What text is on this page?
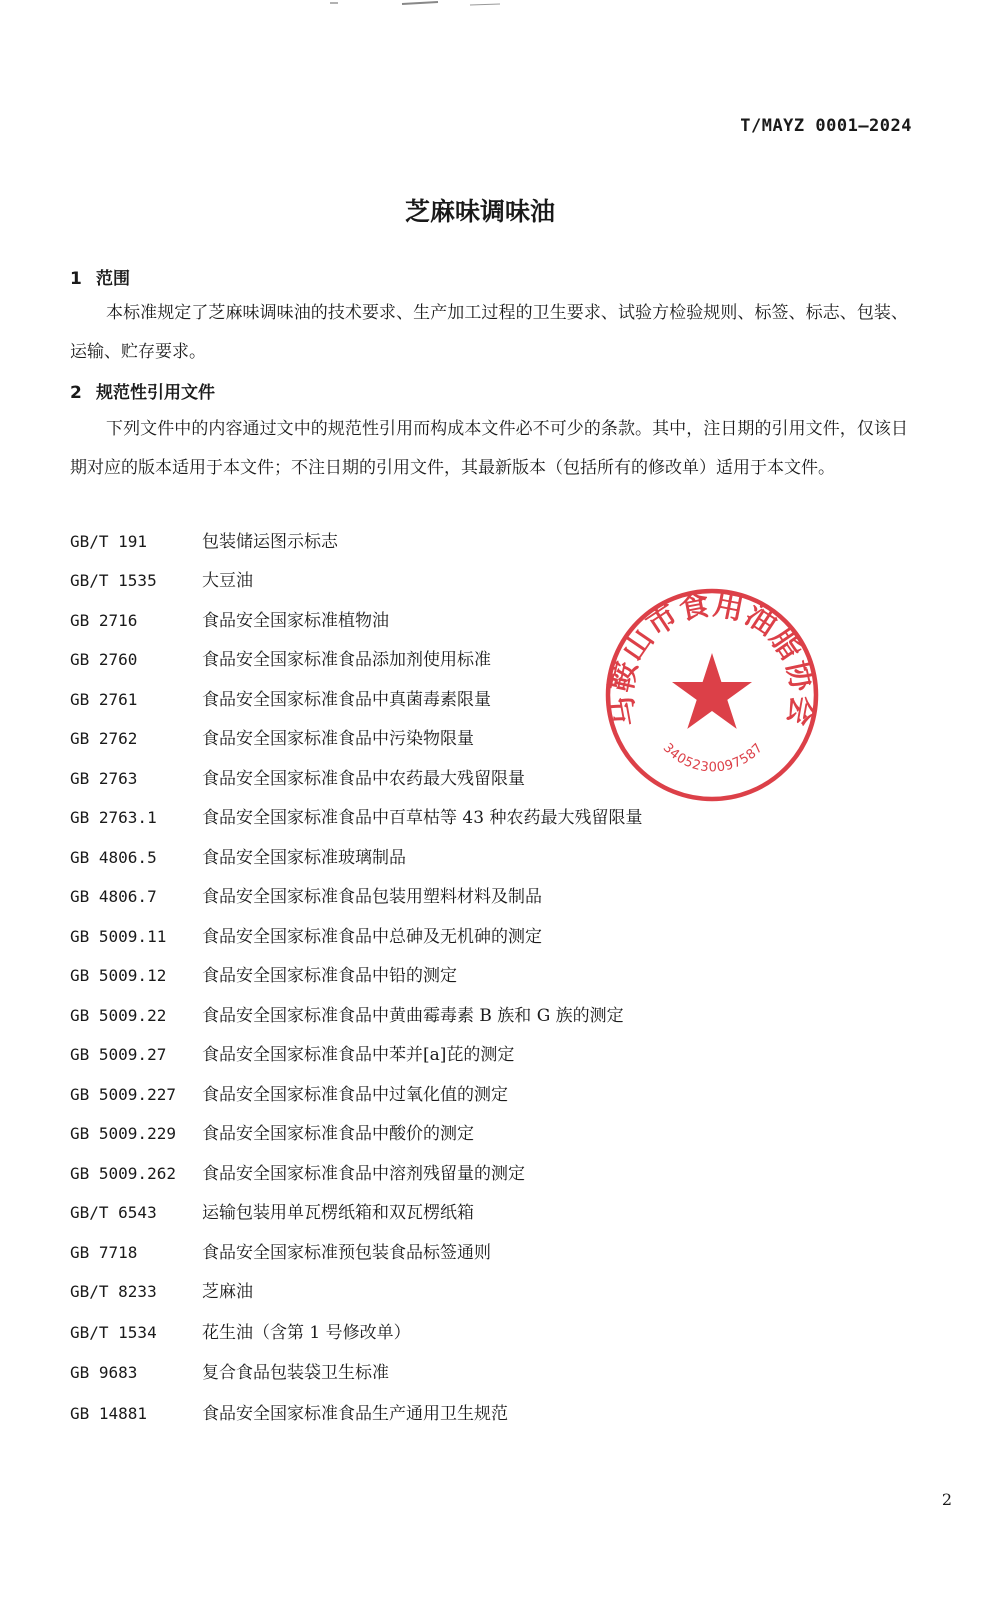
T/MAYZ 0001—2024
芝麻味调味油
1 范围
本标准规定了芝麻味调味油的技术要求、生产加工过程的卫生要求、试验方检验规则、标签、标志、包装、运输、贮存要求。
2 规范性引用文件
下列文件中的内容通过文中的规范性引用而构成本文件必不可少的条款。其中，注日期的引用文件，仅该日期对应的版本适用于本文件；不注日期的引用文件，其最新版本（包括所有的修改单）适用于本文件。
GB/T 191	包装储运图示标志
GB/T 1535	大豆油
GB 2716	食品安全国家标准植物油
GB 2760	食品安全国家标准食品添加剂使用标准
GB 2761	食品安全国家标准食品中真菌毒素限量
GB 2762	食品安全国家标准食品中污染物限量
GB 2763	食品安全国家标准食品中农药最大残留限量
GB 2763.1	食品安全国家标准食品中百草枯等 43 种农药最大残留限量
GB 4806.5	食品安全国家标准玻璃制品
GB 4806.7	食品安全国家标准食品包装用塑料材料及制品
GB 5009.11 食品安全国家标准食品中总砷及无机砷的测定
GB 5009.12 食品安全国家标准食品中铅的测定
GB 5009.22 食品安全国家标准食品中黄曲霉毒素 B 族和 G 族的测定
GB 5009.27 食品安全国家标准食品中苯并[a]芘的测定
GB 5009.227 食品安全国家标准食品中过氧化值的测定
GB 5009.229 食品安全国家标准食品中酸价的测定
GB 5009.262 食品安全国家标准食品中溶剂残留量的测定
GB/T 6543	运输包装用单瓦楞纸箱和双瓦楞纸箱
GB 7718	食品安全国家标准预包装食品标签通则
GB/T 8233	芝麻油
GB/T 1534	花生油（含第 1 号修改单）
GB 9683	复合食品包装袋卫生标准
GB 14881	食品安全国家标准食品生产通用卫生规范
马鞍山市食用油脂协会
3405230097587
2
